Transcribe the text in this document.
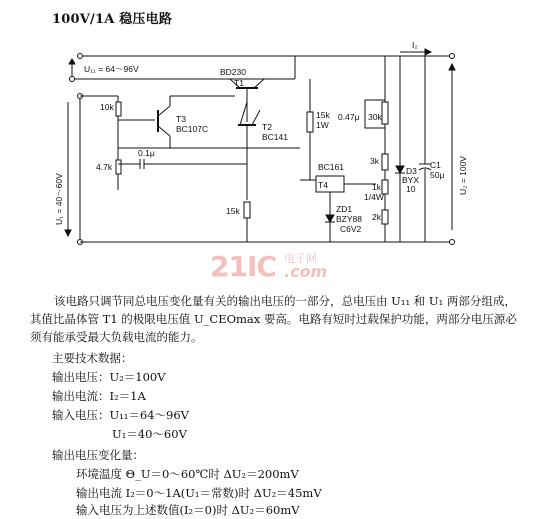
100V/1A 稳压电路
I₂
U₁₁ = 64～96V	BD230
U₁ = 40～60V
T1
T2
BC141
T3
BC107C
10k
4.7k
0.1μ
15k
15k
1W
T4
BC161
ZD1
BZY88
C6V2
0.47μ 30k
3k
1k
1/4W
2k
D3
BYX
10
C1
50μ U₂ = 100V
21IC 电子网
.com
该电路只调节同总电压变化量有关的输出电压的一部分，总电压由 U₁₁ 和 U₁ 两部分组成，其值比晶体管 T1 的极限电压值 U_CEOmax 要高。电路有短时过载保护功能，两部分电压源必须有能承受最大负载电流的能力。
主要技术数据：
输出电压：U₂＝100V
输出电流：I₂＝1A
输入电压：U₁₁＝64～96V
U₁＝40～60V
输出电压变化量：
环境温度 Θ_U＝0～60℃时 ΔU₂＝200mV
输出电流 I₂＝0～1A(U₁＝常数)时 ΔU₂＝45mV
输入电压为上述数值(I₂＝0)时 ΔU₂＝60mV
